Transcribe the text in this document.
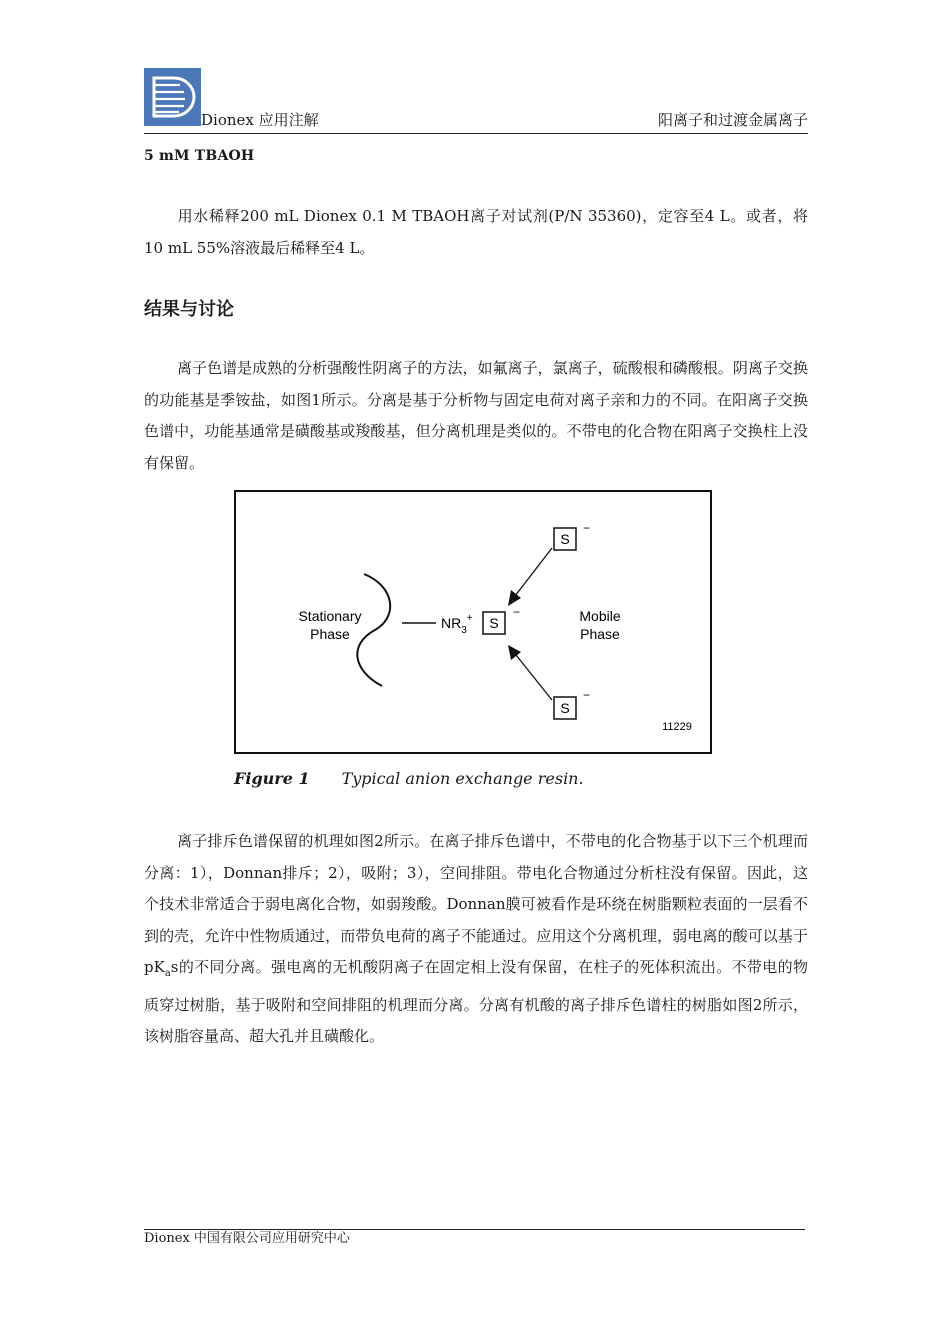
Dionex 应用注解	阳离子和过渡金属离子
5 mM TBAOH

用水稀释200 mL Dionex 0.1 M TBAOH离子对试剂(P/N 35360)，定容至4 L。或者，将10 mL 55%溶液最后稀释至4 L。

结果与讨论

离子色谱是成熟的分析强酸性阴离子的方法，如氟离子，氯离子，硫酸根和磷酸根。阴离子交换的功能基是季铵盐，如图1所示。分离是基于分析物与固定电荷对离子亲和力的不同。在阳离子交换色谱中，功能基通常是磺酸基或羧酸基，但分离机理是类似的。不带电的化合物在阳离子交换柱上没有保留。

Stationary
Phase
$NR_3^+$ S
−
S
−
S
−
Mobile
Phase
11229
Figure 1 Typical anion exchange resin.

离子排斥色谱保留的机理如图2所示。在离子排斥色谱中，不带电的化合物基于以下三个机理而分离：1），Donnan排斥；2），吸附；3），空间排阻。带电化合物通过分析柱没有保留。因此，这个技术非常适合于弱电离化合物，如弱羧酸。Donnan膜可被看作是环绕在树脂颗粒表面的一层看不到的壳，允许中性物质通过，而带负电荷的离子不能通过。应用这个分离机理，弱电离的酸可以基于$pK_as$的不同分离。强电离的无机酸阴离子在固定相上没有保留，在柱子的死体积流出。不带电的物质穿过树脂，基于吸附和空间排阻的机理而分离。分离有机酸的离子排斥色谱柱的树脂如图2所示，该树脂容量高、超大孔并且磺酸化。

Dionex 中国有限公司应用研究中心
